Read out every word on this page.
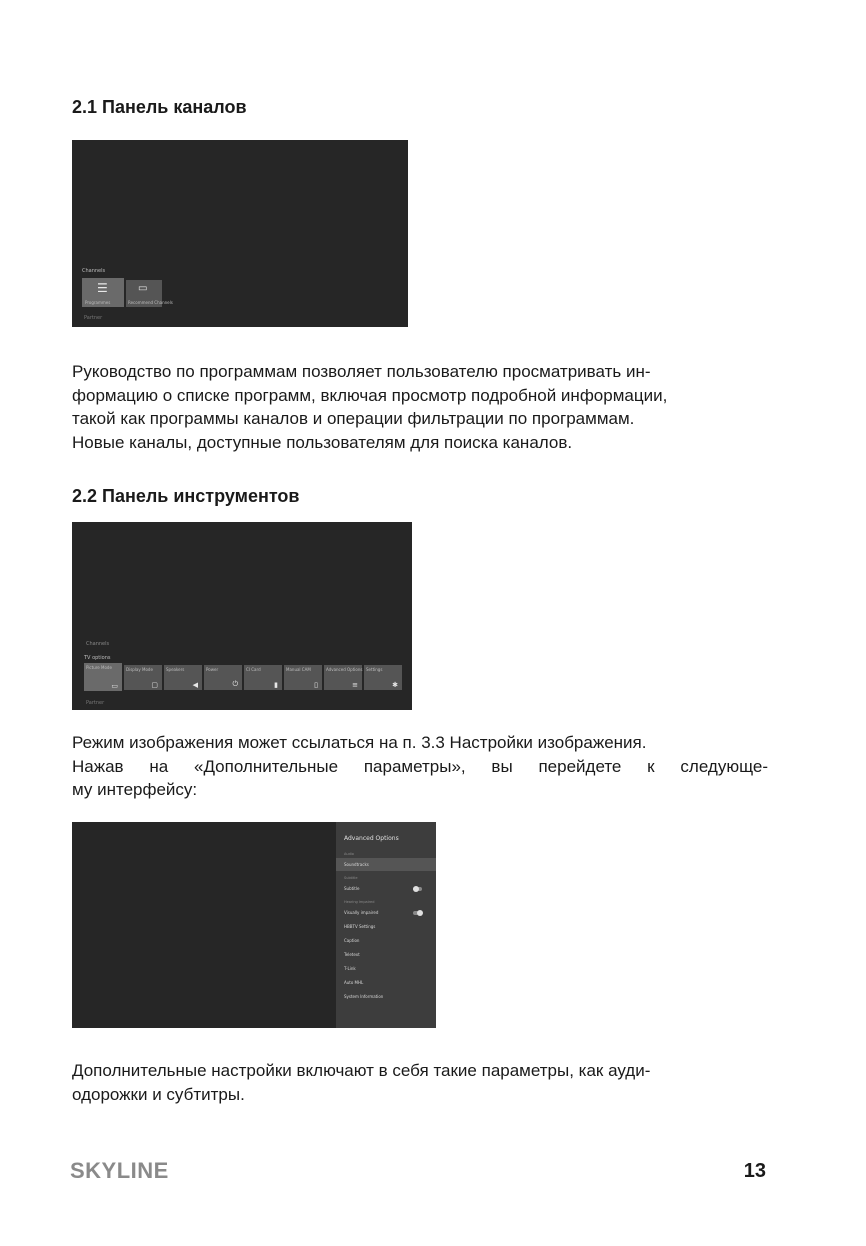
2.1 Панель каналов
Channels
☰
Programmes
▭
Recommend Channels
Partner
Руководство по программам позволяет пользователю просматривать ин-
формацию о списке программ, включая просмотр подробной информации,
такой как программы каналов и операции фильтрации по программам.
Новые каналы, доступные пользователям для поиска каналов.
2.2 Панель инструментов
Channels
TV options
Partner
Picture Mode
▭
Display Mode
▢
Speakers
◀
Power
⏻
CI Card
▮
Manual CAM
▯
Advanced Options
≡
Settings
✱
Режим изображения может ссылаться на п. 3.3 Настройки изображения.
Нажав на «Дополнительные параметры», вы перейдете к следующе-
му интерфейсу:
Advanced Options
Audio
Soundtracks
Subtitle
Subtitle
Hearing Impaired
Visually impaired
HBBTV Settings
Caption
Teletext
T-Link
Auto MHL
System Information
Дополнительные настройки включают в себя такие параметры, как ауди-
одорожки и субтитры.
SKYLINE	13
